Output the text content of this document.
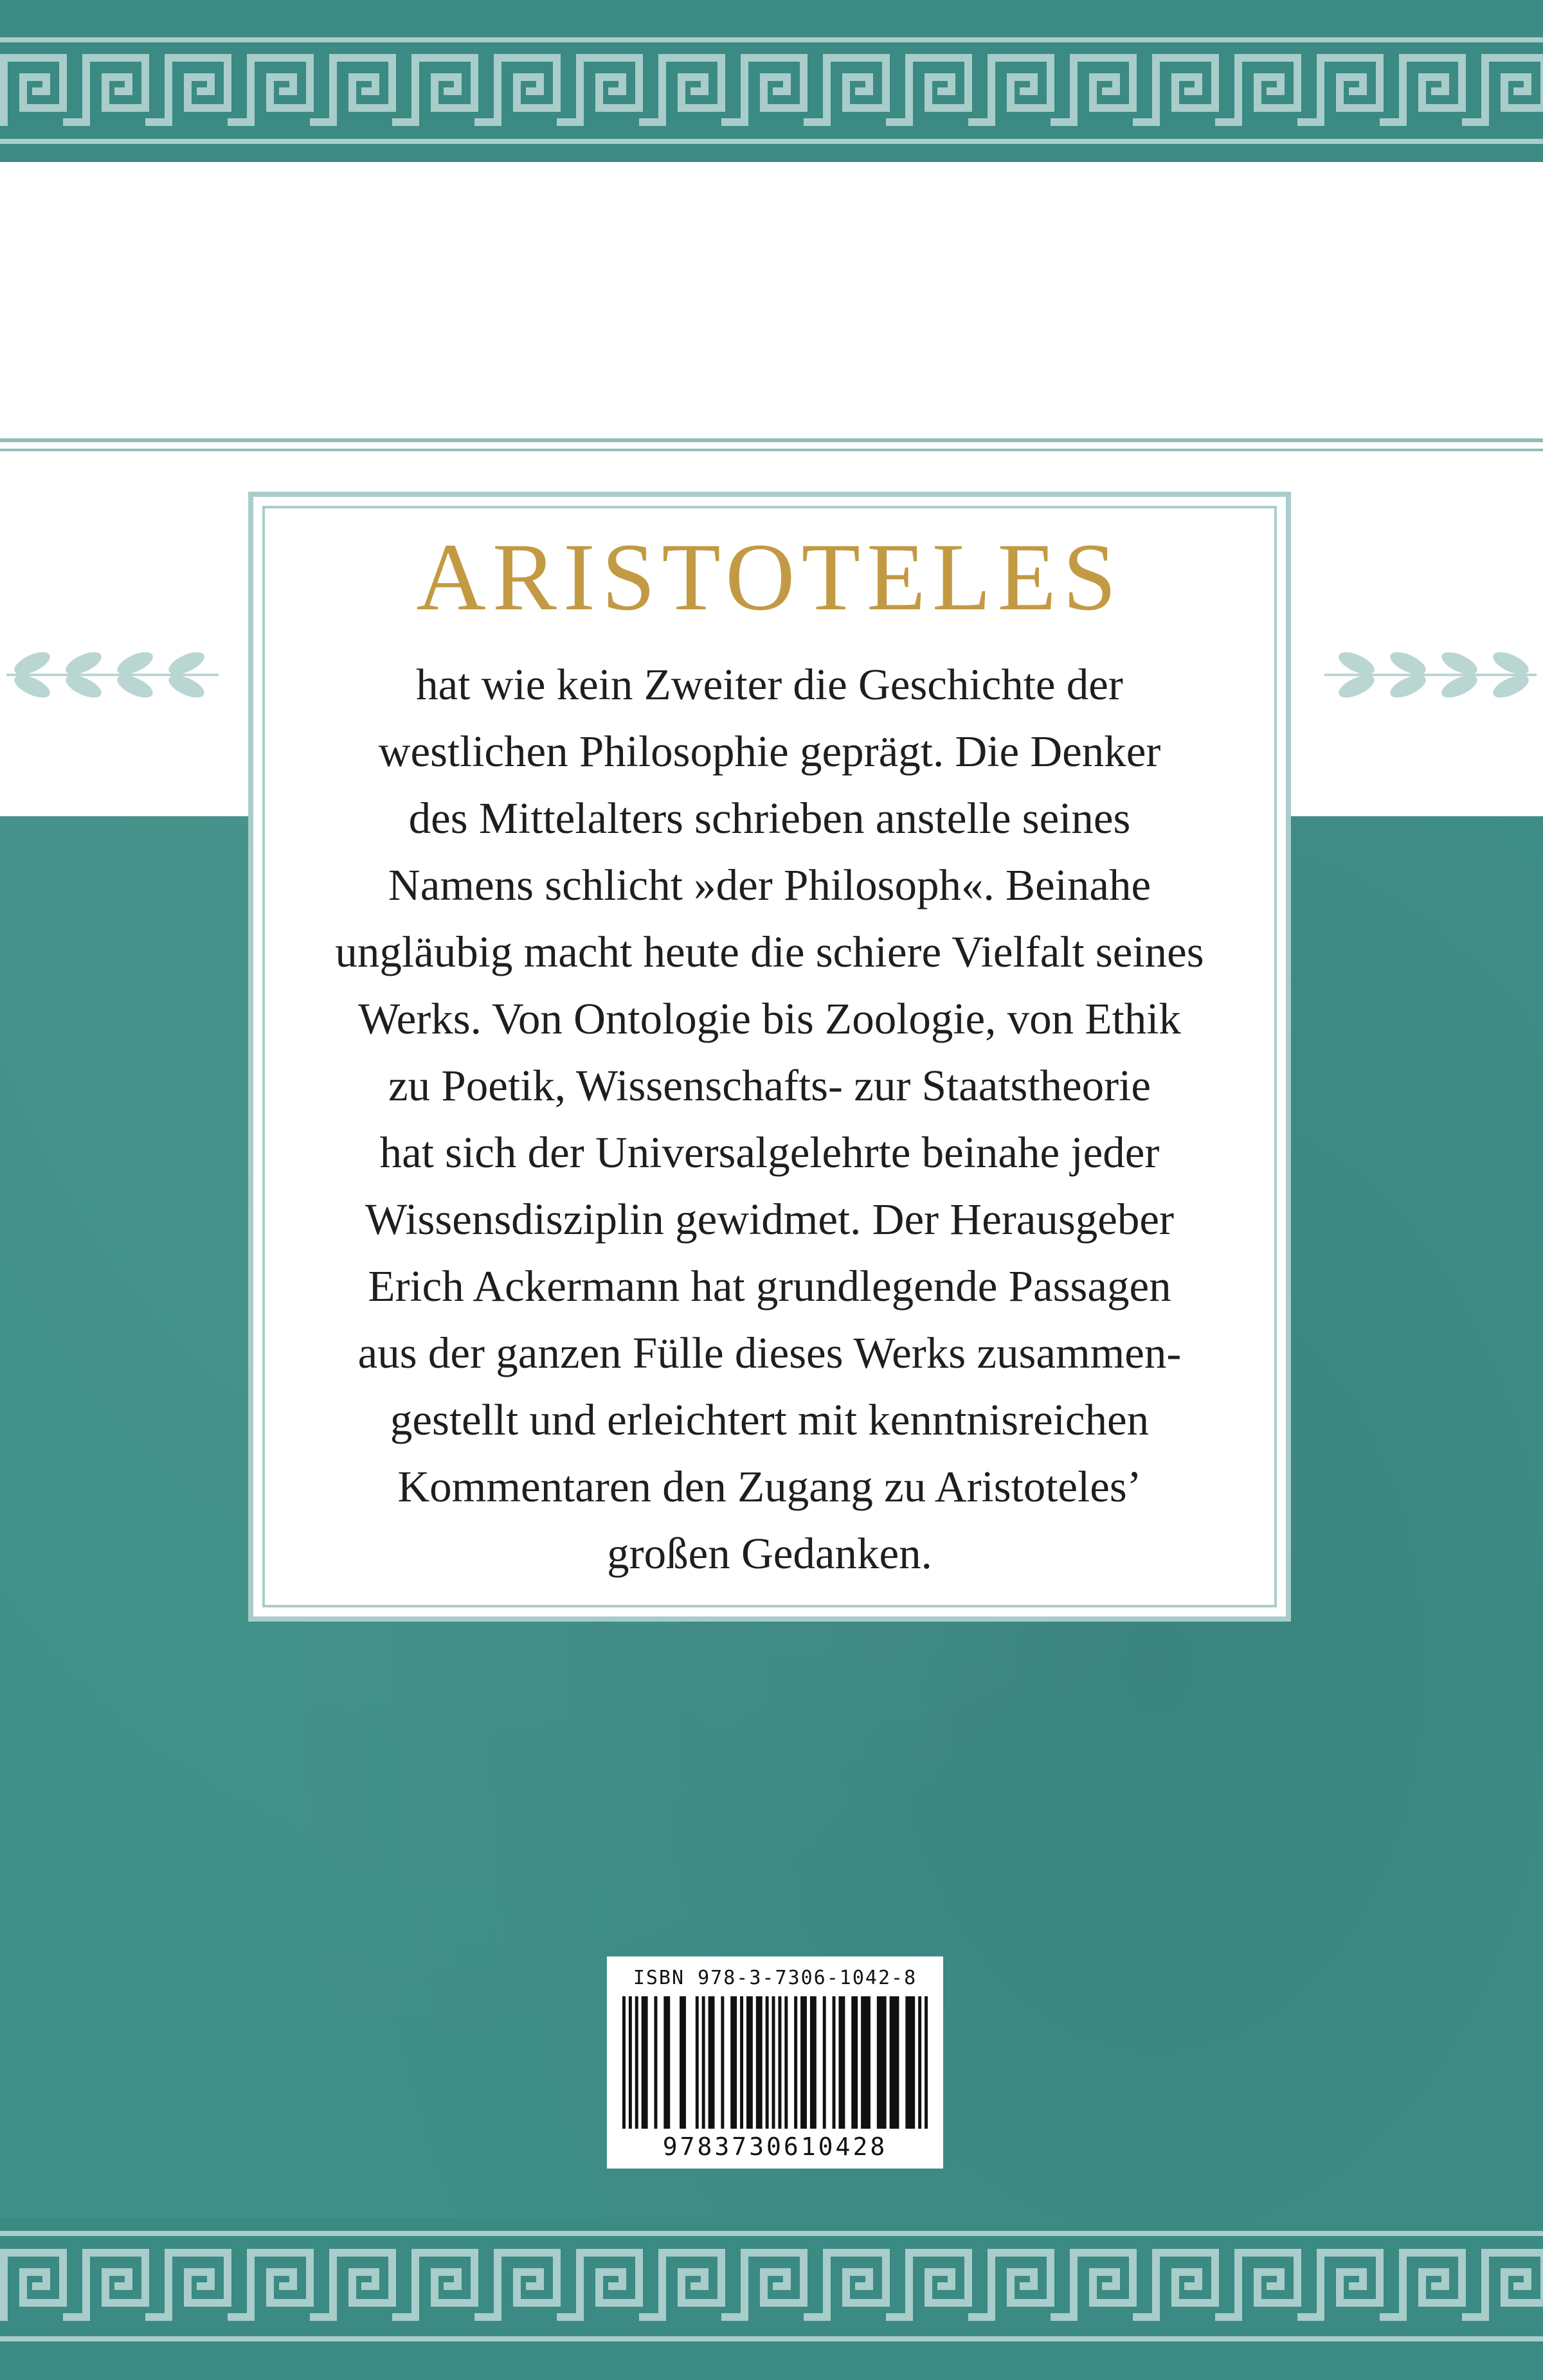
ARISTOTELES
hat wie kein Zweiter die Geschichte der
westlichen Philosophie geprägt. Die Denker
des Mittelalters schrieben anstelle seines
Namens schlicht »der Philosoph«. Beinahe
ungläubig macht heute die schiere Vielfalt seines
Werks. Von Ontologie bis Zoologie, von Ethik
zu Poetik, Wissenschafts- zur Staatstheorie
hat sich der Universalgelehrte beinahe jeder
Wissensdisziplin gewidmet. Der Herausgeber
Erich Ackermann hat grundlegende Passagen
aus der ganzen Fülle dieses Werks zusammen-
gestellt und erleichtert mit kenntnisreichen
Kommentaren den Zugang zu Aristoteles’
großen Gedanken.
ISBN 978-3-7306-1042-8
9783730610428
